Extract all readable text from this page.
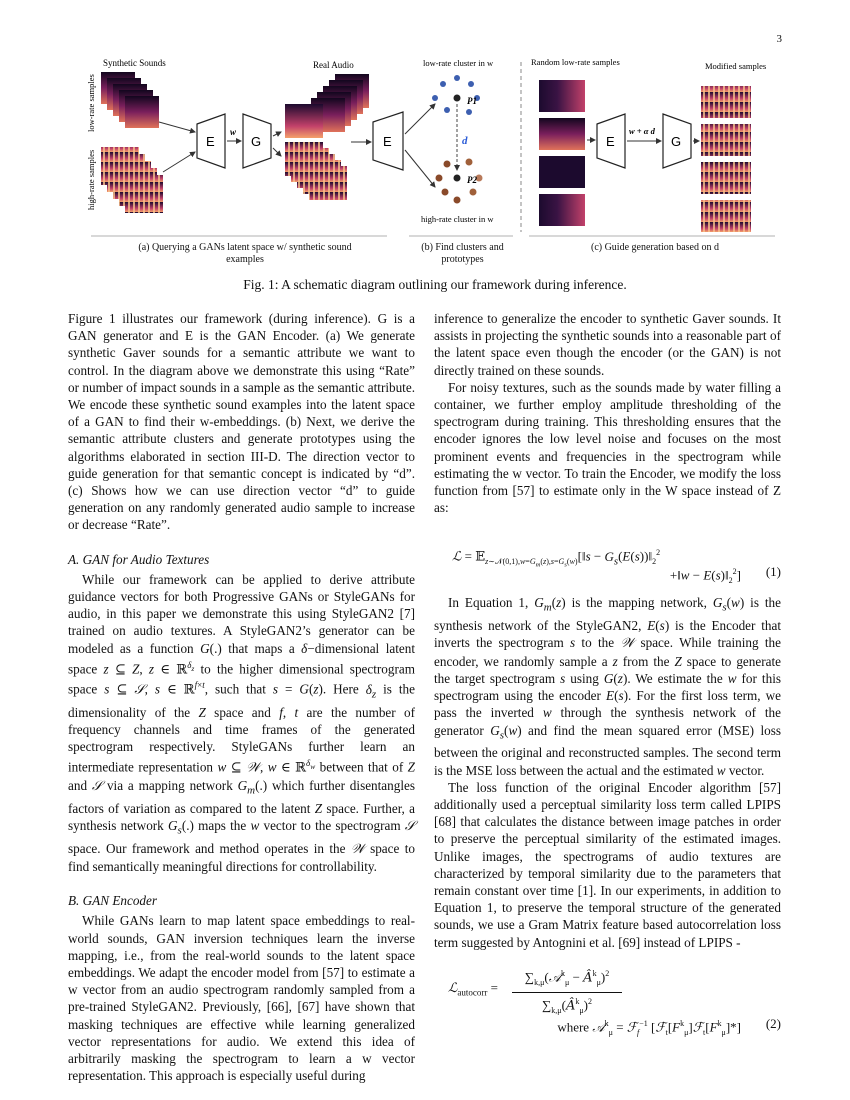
3
Synthetic Sounds	Real Audio
low-rate samples
high-rate samples
E
w
G	E
low-rate cluster in w
P1
d
P2
high-rate cluster in w
Random low-rate samples
E
w + α d
G
Modified samples
(a) Querying a GANs latent space w/ synthetic sound examples
(b) Find clusters and prototypes
(c) Guide generation based on d
Fig. 1: A schematic diagram outlining our framework during inference.

Figure 1 illustrates our framework (during inference). G is a GAN generator and E is the GAN Encoder. (a) We generate synthetic Gaver sounds for a semantic attribute we want to control. In the diagram above we demonstrate this using “Rate” or number of impact sounds in a sample as the semantic attribute. We encode these synthetic sound examples into the latent space of a GAN to find their w-embeddings. (b) Next, we derive the semantic attribute clusters and generate prototypes using the algorithms elaborated in section III-D. The direction vector to guide generation for that semantic concept is indicated by “d”. (c) Shows how we can use direction vector “d” to guide generation on any randomly generated audio sample to increase or decrease “Rate”.

A. GAN for Audio Textures

While our framework can be applied to derive attribute guidance vectors for both Progressive GANs or StyleGANs for audio, in this paper we demonstrate this using StyleGAN2 [7] trained on audio textures. A StyleGAN2’s generator can be modeled as a function G(.) that maps a δ−dimensional latent space z ⊆ Z, z ∈ ℝ$^{\delta_z}$ to the higher dimensional spectrogram space s ⊆ 𝒮, s ∈ ℝ$^{f\times t}$, such that s = G(z). Here $\delta_z$ is the dimensionality of the Z space and f, t are the number of frequency channels and time frames of the generated spectrogram respectively. StyleGANs further learn an intermediate representation w ⊆ 𝒲, w ∈ ℝ$^{\delta_w}$ between that of Z and 𝒮 via a mapping network $G_m(.)$ which further disentangles factors of variation as compared to the latent Z space. Further, a synthesis network $G_s(.)$ maps the w vector to the spectrogram 𝒮 space. Our framework and method operates in the 𝒲 space to find semantically meaningful directions for controllability.

B. GAN Encoder

While GANs learn to map latent space embeddings to real-world sounds, GAN inversion techniques learn the inverse mapping, i.e., from the real-world sounds to the latent space embeddings. We adapt the encoder model from [57] to estimate a w vector from an audio spectrogram randomly sampled from a pre-trained StyleGAN2. Previously, [66], [67] have shown that masking techniques are effective while learning generalized vector representations for audio. We extend this idea of arbitrarily masking the spectrogram to learn a w vector representation. This approach is especially useful during

inference to generalize the encoder to synthetic Gaver sounds. It assists in projecting the synthetic sounds into a reasonable part of the latent space even though the encoder (or the GAN) is not directly trained on these sounds.

For noisy textures, such as the sounds made by water filling a container, we further employ amplitude thresholding of the spectrogram during training. This thresholding ensures that the encoder ignores the low level noise and focuses on the most prominent events and frequencies in the spectrogram while estimating the w vector. To train the Encoder, we modify the loss function from [57] to estimate only in the W space instead of Z as:

ℒ = 𝔼$_{z\sim 𝒩(0,1),w=G_m(z),s=G_s(w)}$[‖s − $G_s(E(s))‖_2^2$
+‖w − $E(s)‖_2^2$] (1)

In Equation 1, $G_m(z)$ is the mapping network, $G_s(w)$ is the synthesis network of the StyleGAN2, E(s) is the Encoder that inverts the spectrogram s to the 𝒲 space. While training the encoder, we randomly sample a z from the Z space to generate the target spectrogram s using G(z). We estimate the w for this spectrogram using the encoder E(s). For the first loss term, we pass the inverted w through the synthesis network of the generator $G_s(w)$ and find the mean squared error (MSE) loss between the original and reconstructed samples. The second term is the MSE loss between the actual and the estimated w vector.

The loss function of the original Encoder algorithm [57] additionally used a perceptual similarity loss term called LPIPS [68] that calculates the distance between image patches in order to preserve the perceptual similarity of the estimated images. Unlike images, the spectrograms of audio textures are characterized by temporal similarity due to the parameters that remain constant over time [1]. In our experiments, in addition to Equation 1, to preserve the temporal structure of the generated sounds, we use a Gram Matrix feature based autocorrelation loss term suggested by Antognini et al. [69] instead of LPIPS -

ℒ$_{autocorr}$ =
$\sum_{k,\mu}(𝒜^k_\mu$ − $Â^k_\mu)^2$
$\sum_{k,\mu}(Â^k_\mu)^2$
where 𝒜$^k_\mu$ = ℱ$_f^{-1}$ $[ℱ_t[F^k_\mu]ℱ_t[F^k_\mu]*]$ (2)
